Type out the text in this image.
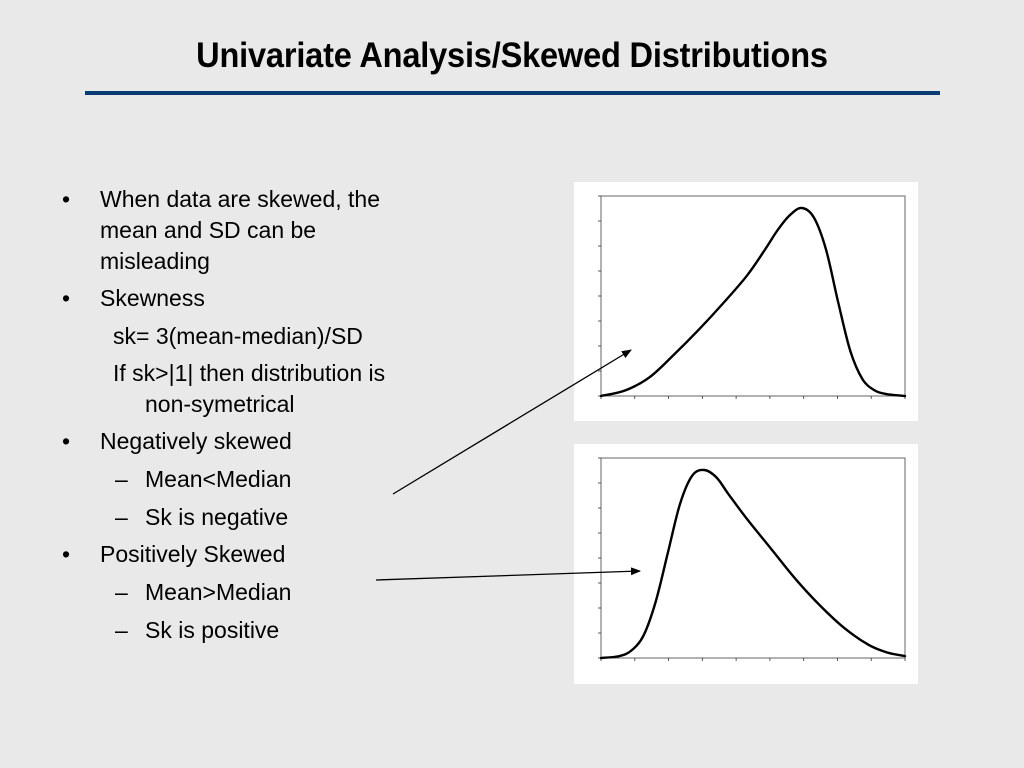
Univariate Analysis/Skewed Distributions
• When data are skewed, the
mean and SD can be
misleading
• Skewness
sk= 3(mean-median)/SD
If sk>|1| then distribution is
non-symetrical
• Negatively skewed
– Mean<Median
– Sk is negative
• Positively Skewed
– Mean>Median
– Sk is positive
